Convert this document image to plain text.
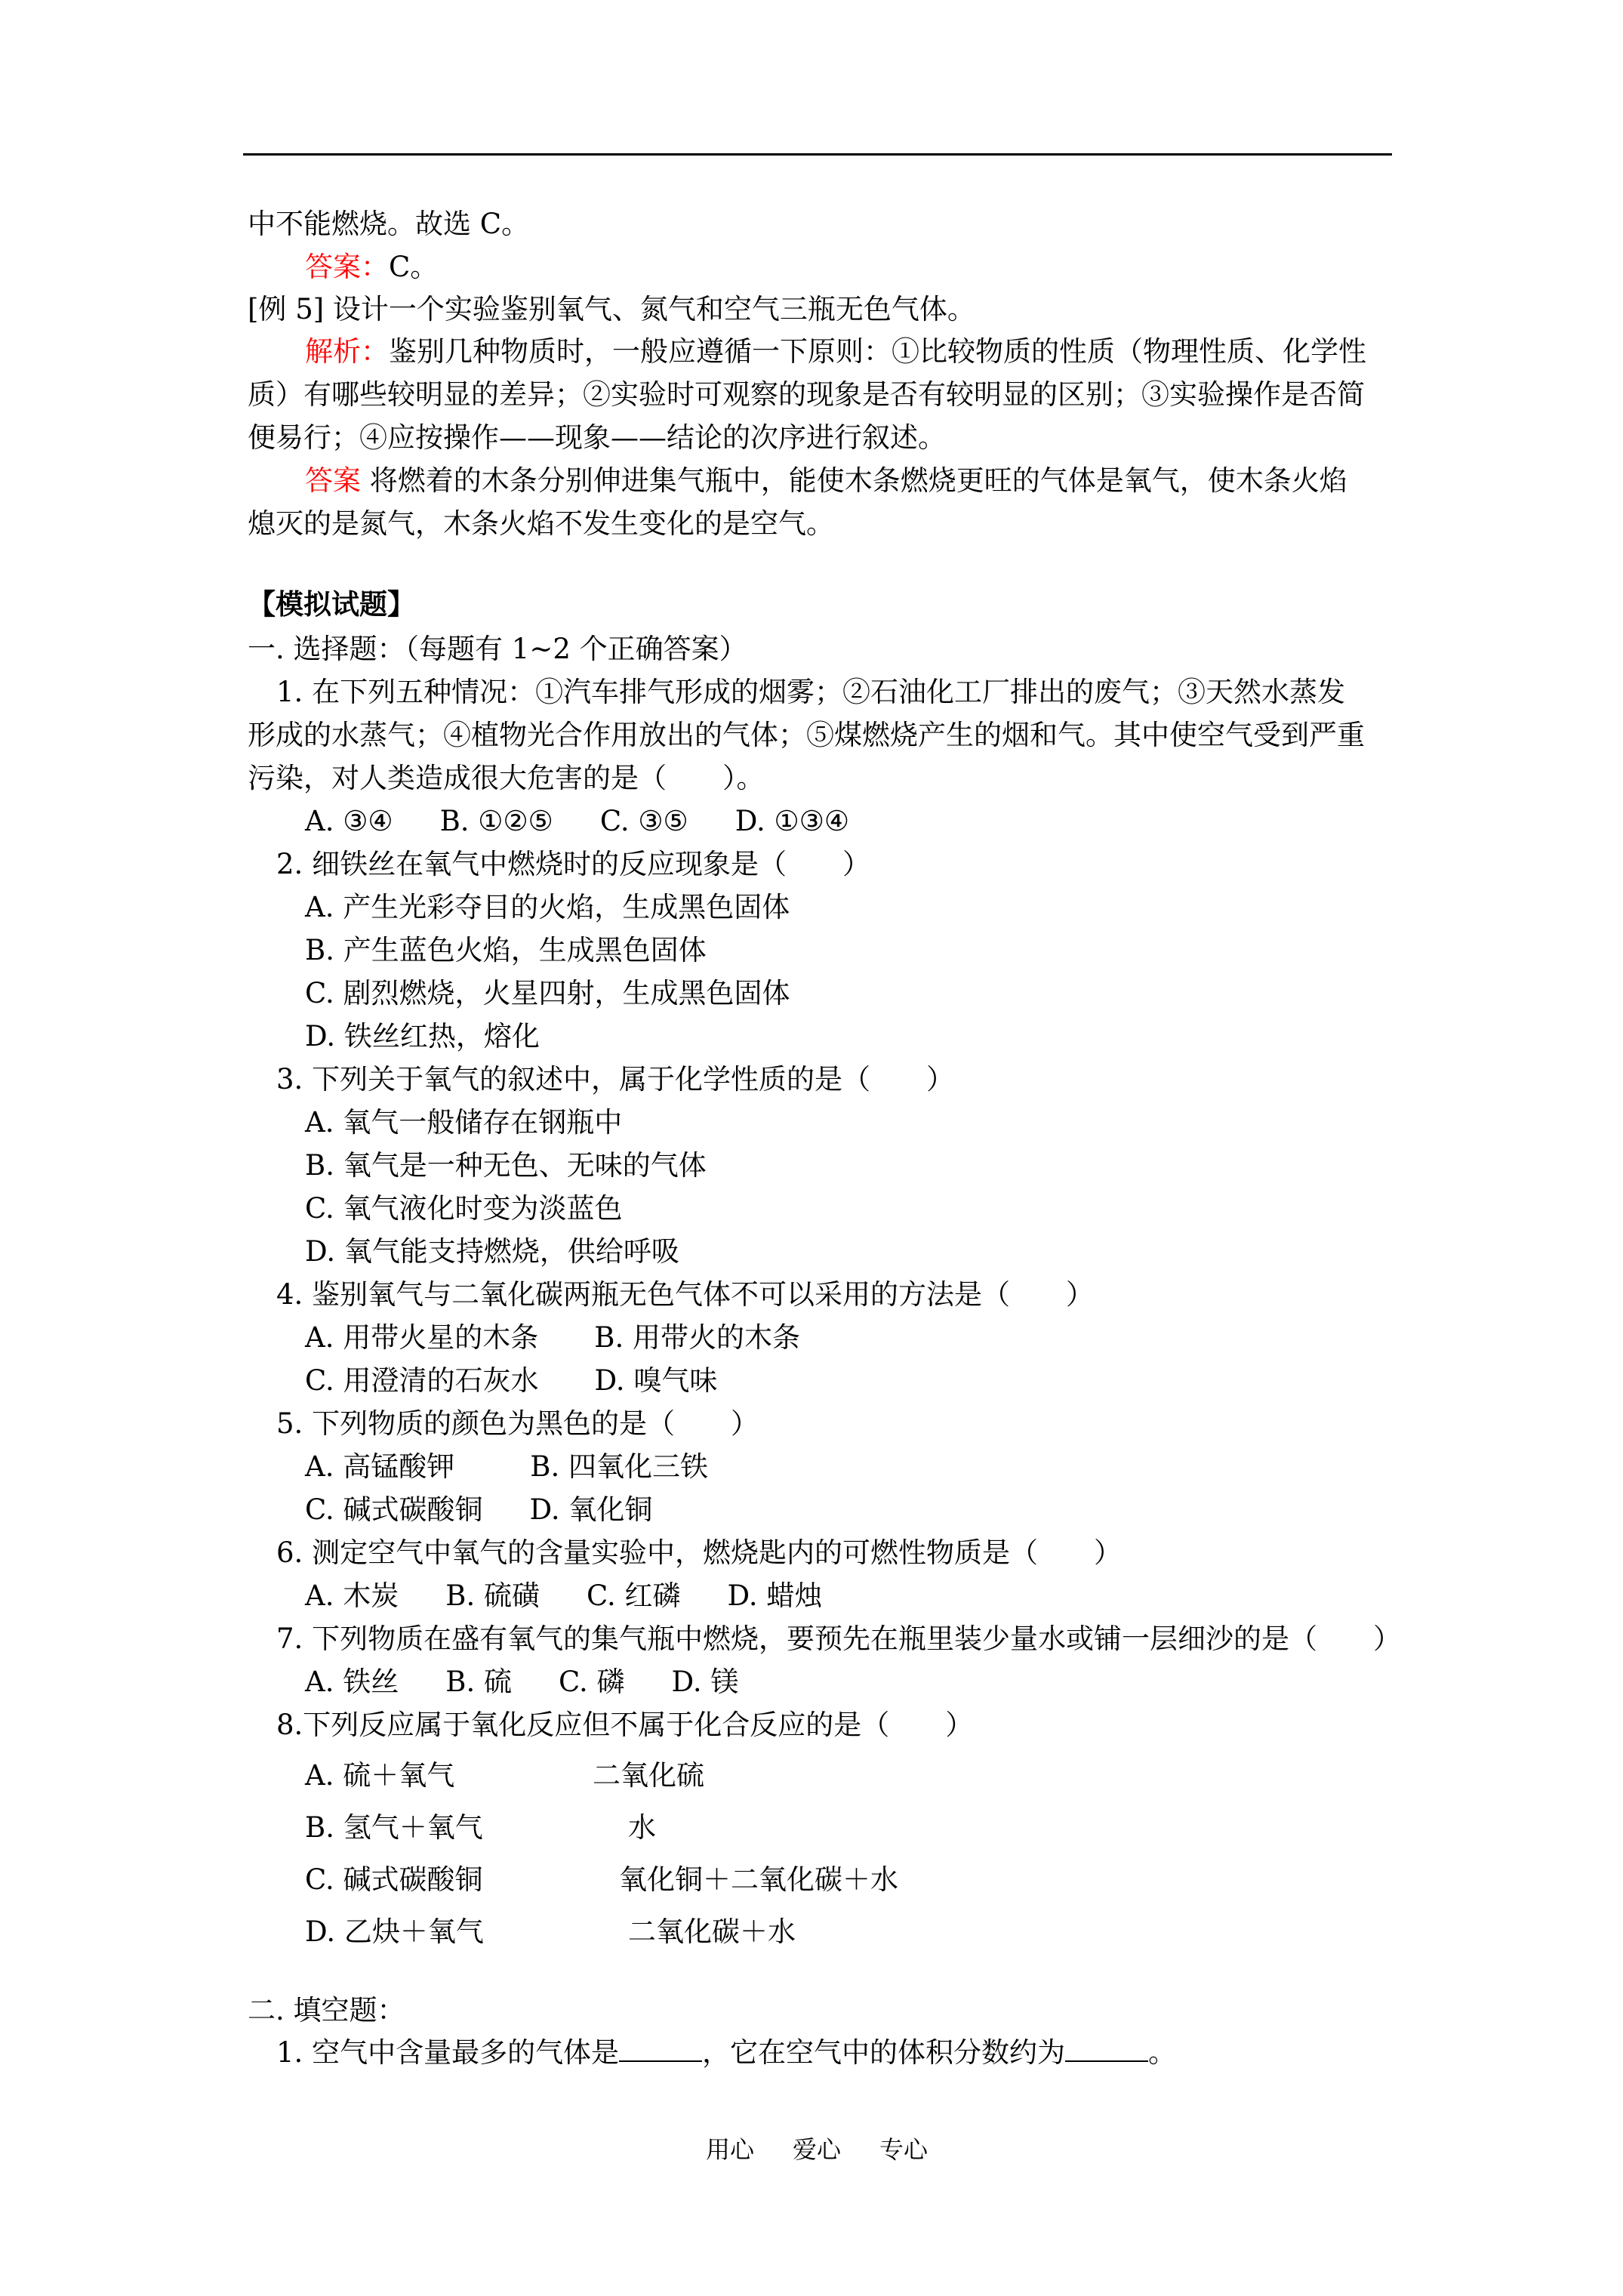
中不能燃烧。故选 C。
答案：C。
[例 5] 设计一个实验鉴别氧气、氮气和空气三瓶无色气体。
解析：鉴别几种物质时，一般应遵循一下原则：①比较物质的性质（物理性质、化学性
质）有哪些较明显的差异；②实验时可观察的现象是否有较明显的区别；③实验操作是否简
便易行；④应按操作——现象——结论的次序进行叙述。
答案 将燃着的木条分别伸进集气瓶中，能使木条燃烧更旺的气体是氧气，使木条火焰
熄灭的是氮气，木条火焰不发生变化的是空气。
【模拟试题】
一. 选择题：（每题有 1~2 个正确答案）
1. 在下列五种情况：①汽车排气形成的烟雾；②石油化工厂排出的废气；③天然水蒸发
形成的水蒸气；④植物光合作用放出的气体；⑤煤燃烧产生的烟和气。其中使空气受到严重
污染，对人类造成很大危害的是（　　）。
A. ③④ B. ①②⑤ C. ③⑤ D. ①③④
2. 细铁丝在氧气中燃烧时的反应现象是（　　）
A. 产生光彩夺目的火焰，生成黑色固体
B. 产生蓝色火焰，生成黑色固体
C. 剧烈燃烧，火星四射，生成黑色固体
D. 铁丝红热，熔化
3. 下列关于氧气的叙述中，属于化学性质的是（　　）
A. 氧气一般储存在钢瓶中
B. 氧气是一种无色、无味的气体
C. 氧气液化时变为淡蓝色
D. 氧气能支持燃烧，供给呼吸
4. 鉴别氧气与二氧化碳两瓶无色气体不可以采用的方法是（　　）
A. 用带火星的木条 B. 用带火的木条
C. 用澄清的石灰水 D. 嗅气味
5. 下列物质的颜色为黑色的是（　　）
A. 高锰酸钾	B. 四氧化三铁
C. 碱式碳酸铜 D. 氧化铜
6. 测定空气中氧气的含量实验中，燃烧匙内的可燃性物质是（　　）
A. 木炭 B. 硫磺 C. 红磷 D. 蜡烛
7. 下列物质在盛有氧气的集气瓶中燃烧，要预先在瓶里装少量水或铺一层细沙的是（　　）
A. 铁丝 B. 硫 C. 磷 D. 镁
8.下列反应属于氧化反应但不属于化合反应的是（　　）
A. 硫＋氧气	二氧化硫
B. 氢气＋氧气	水
C. 碱式碳酸铜	氧化铜＋二氧化碳＋水
D. 乙炔＋氧气	二氧化碳＋水
二. 填空题：
1. 空气中含量最多的气体是	，它在空气中的体积分数约为	。
用心 爱心 专心
